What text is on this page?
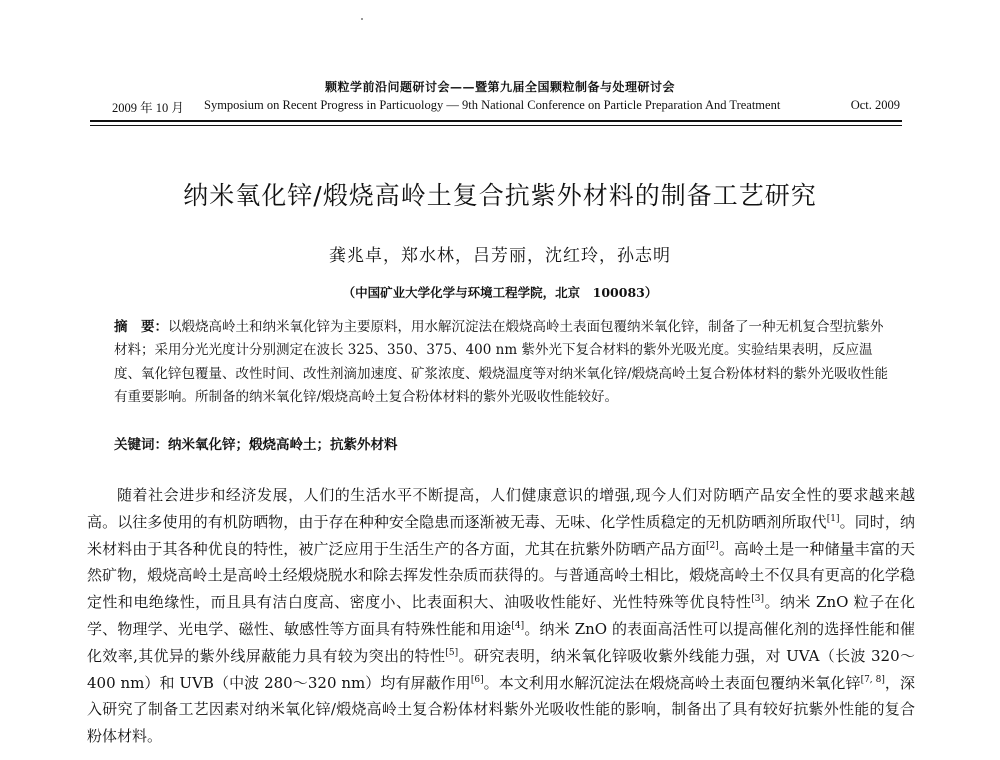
颗粒学前沿问题研讨会——暨第九届全国颗粒制备与处理研讨会
2009 年 10 月 Symposium on Recent Progress in Particuology — 9th National Conference on Particle Preparation And Treatment	Oct. 2009
纳米氧化锌/煅烧高岭土复合抗紫外材料的制备工艺研究
龚兆卓，郑水林，吕芳丽，沈红玲，孙志明
（中国矿业大学化学与环境工程学院，北京　100083）
摘　要：以煅烧高岭土和纳米氧化锌为主要原料，用水解沉淀法在煅烧高岭土表面包覆纳米氧化锌，制备了一种无机复合型抗紫外材料；采用分光光度计分别测定在波长 325、350、375、400 nm 紫外光下复合材料的紫外光吸光度。实验结果表明，反应温度、氧化锌包覆量、改性时间、改性剂滴加速度、矿浆浓度、煅烧温度等对纳米氧化锌/煅烧高岭土复合粉体材料的紫外光吸收性能有重要影响。所制备的纳米氧化锌/煅烧高岭土复合粉体材料的紫外光吸收性能较好。
关键词：纳米氧化锌；煅烧高岭土；抗紫外材料
随着社会进步和经济发展，人们的生活水平不断提高，人们健康意识的增强,现今人们对防晒产品安全性的要求越来越高。以往多使用的有机防晒物，由于存在种种安全隐患而逐渐被无毒、无味、化学性质稳定的无机防晒剂所取代[1]。同时，纳米材料由于其各种优良的特性，被广泛应用于生活生产的各方面，尤其在抗紫外防晒产品方面[2]。高岭土是一种储量丰富的天然矿物，煅烧高岭土是高岭土经煅烧脱水和除去挥发性杂质而获得的。与普通高岭土相比，煅烧高岭土不仅具有更高的化学稳定性和电绝缘性，而且具有洁白度高、密度小、比表面积大、油吸收性能好、光性特殊等优良特性[3]。纳米 ZnO 粒子在化学、物理学、光电学、磁性、敏感性等方面具有特殊性能和用途[4]。纳米 ZnO 的表面高活性可以提高催化剂的选择性能和催化效率,其优异的紫外线屏蔽能力具有较为突出的特性[5]。研究表明，纳米氧化锌吸收紫外线能力强，对 UVA（长波 320～400 nm）和 UVB（中波 280～320 nm）均有屏蔽作用[6]。本文利用水解沉淀法在煅烧高岭土表面包覆纳米氧化锌[7, 8]，深入研究了制备工艺因素对纳米氧化锌/煅烧高岭土复合粉体材料紫外光吸收性能的影响，制备出了具有较好抗紫外性能的复合粉体材料。
